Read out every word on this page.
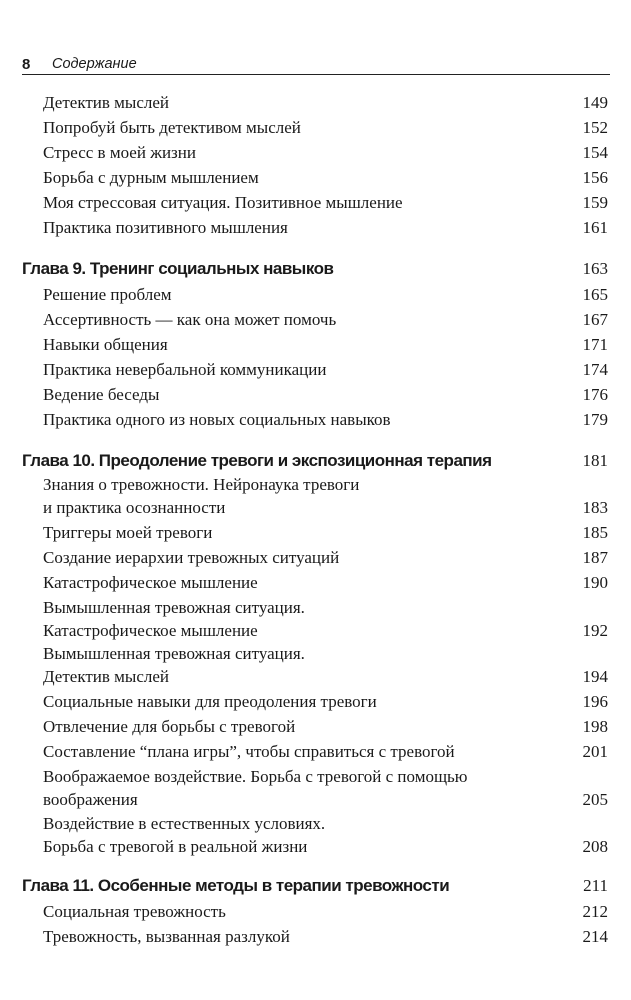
8 Содержание
Детектив мыслей	149
Попробуй быть детективом мыслей	152
Стресс в моей жизни	154
Борьба с дурным мышлением	156
Моя стрессовая ситуация. Позитивное мышление	159
Практика позитивного мышления	161
Глава 9. Тренинг социальных навыков	163
Решение проблем	165
Ассертивность — как она может помочь	167
Навыки общения	171
Практика невербальной коммуникации	174
Ведение беседы	176
Практика одного из новых социальных навыков	179
Глава 10. Преодоление тревоги и экспозиционная терапия	181
Знания о тревожности. Нейронаука тревоги
и практика осознанности	183
Триггеры моей тревоги	185
Создание иерархии тревожных ситуаций	187
Катастрофическое мышление	190
Вымышленная тревожная ситуация.
Катастрофическое мышление	192
Вымышленная тревожная ситуация.
Детектив мыслей	194
Социальные навыки для преодоления тревоги	196
Отвлечение для борьбы с тревогой	198
Составление “плана игры”, чтобы справиться с тревогой	201
Воображаемое воздействие. Борьба с тревогой с помощью
воображения	205
Воздействие в естественных условиях.
Борьба с тревогой в реальной жизни	208
Глава 11. Особенные методы в терапии тревожности	211
Социальная тревожность	212
Тревожность, вызванная разлукой	214
